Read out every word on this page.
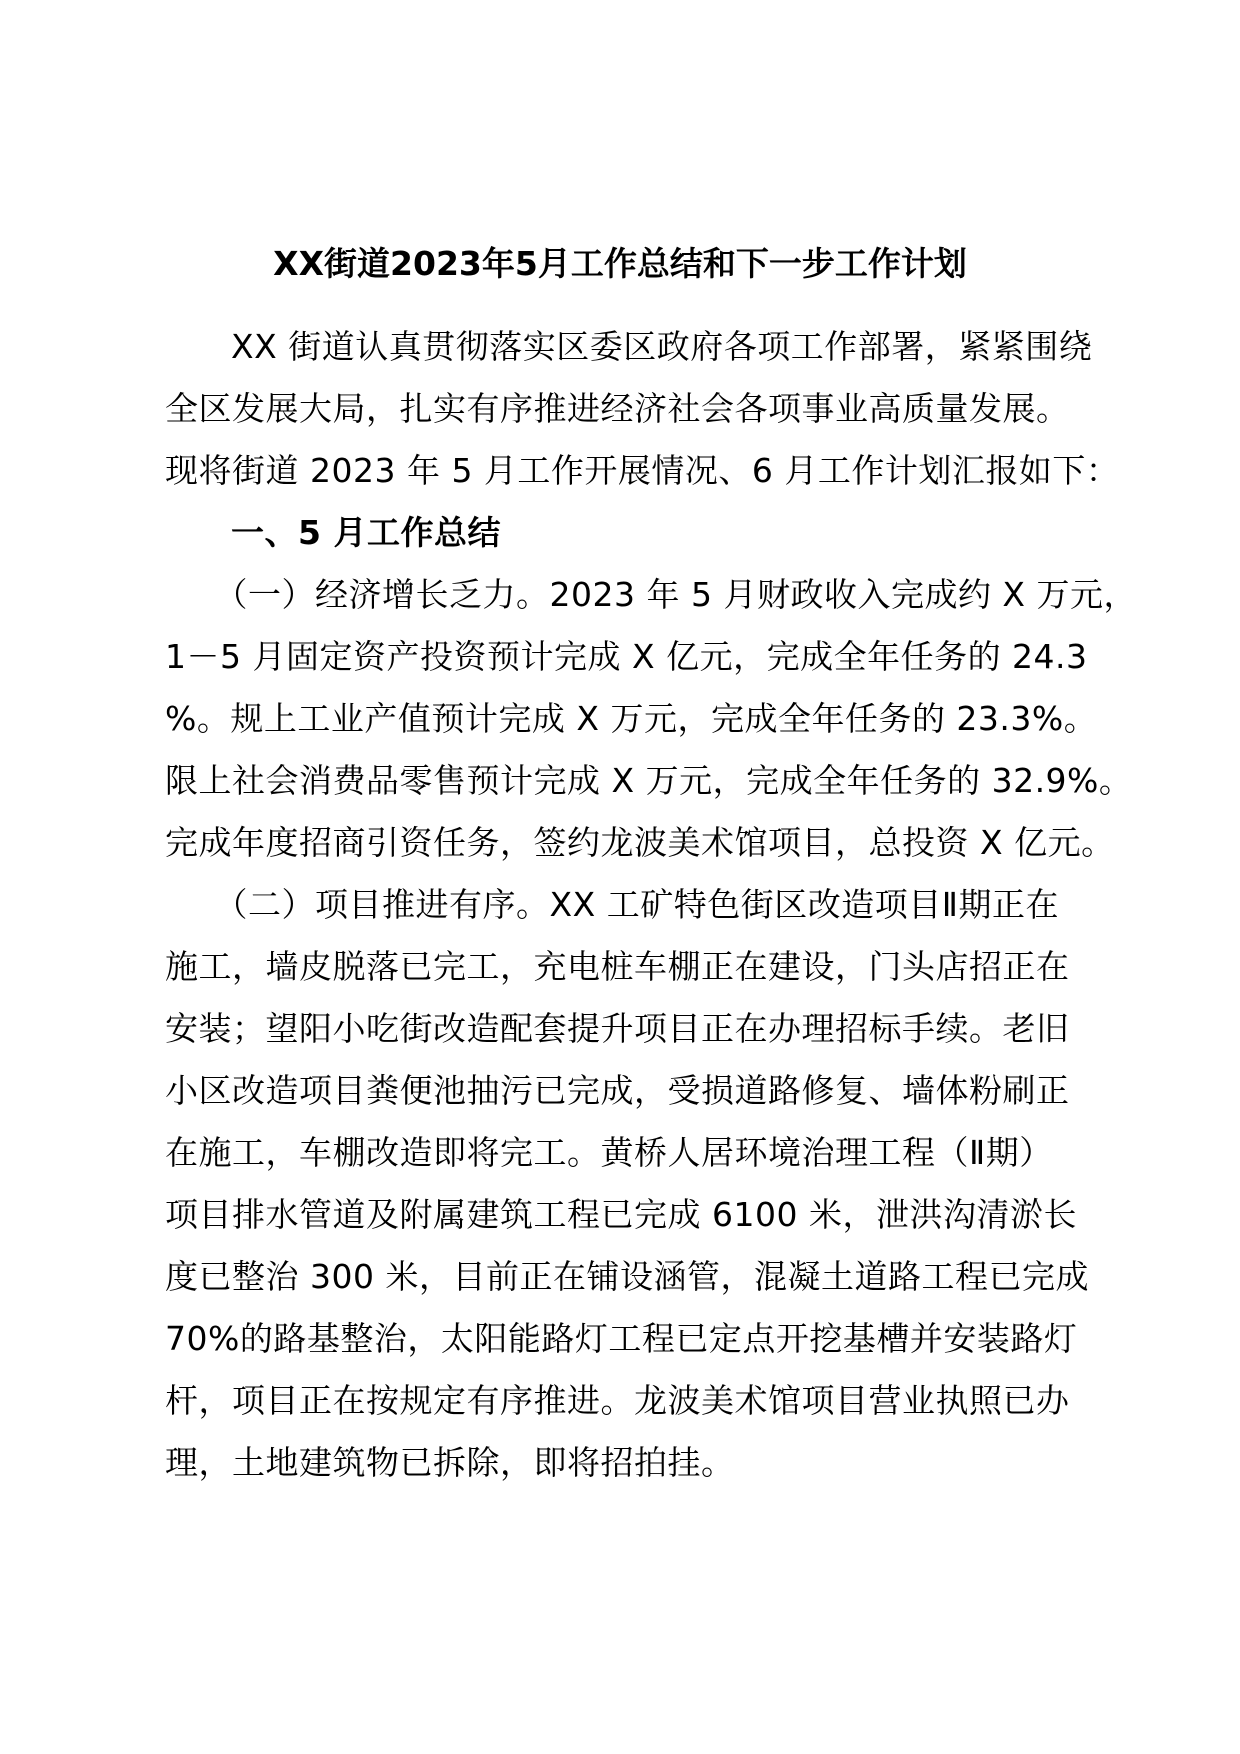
XX街道2023年5月工作总结和下一步工作计划

XX 街道认真贯彻落实区委区政府各项工作部署，紧紧围绕
全区发展大局，扎实有序推进经济社会各项事业高质量发展。
现将街道 2023 年 5 月工作开展情况、6 月工作计划汇报如下：

一、5 月工作总结

（一）经济增长乏力。2023 年 5 月财政收入完成约 X 万元，
1－5 月固定资产投资预计完成 X 亿元，完成全年任务的 24.3
%。规上工业产值预计完成 X 万元，完成全年任务的 23.3%。
限上社会消费品零售预计完成 X 万元，完成全年任务的 32.9%。
完成年度招商引资任务，签约龙波美术馆项目，总投资 X 亿元。

（二）项目推进有序。XX 工矿特色街区改造项目Ⅱ期正在
施工，墙皮脱落已完工，充电桩车棚正在建设，门头店招正在
安装；望阳小吃街改造配套提升项目正在办理招标手续。老旧
小区改造项目粪便池抽污已完成，受损道路修复、墙体粉刷正
在施工，车棚改造即将完工。黄桥人居环境治理工程（Ⅱ期）
项目排水管道及附属建筑工程已完成 6100 米，泄洪沟清淤长
度已整治 300 米，目前正在铺设涵管，混凝土道路工程已完成
70%的路基整治，太阳能路灯工程已定点开挖基槽并安装路灯
杆，项目正在按规定有序推进。龙波美术馆项目营业执照已办
理，土地建筑物已拆除，即将招拍挂。
